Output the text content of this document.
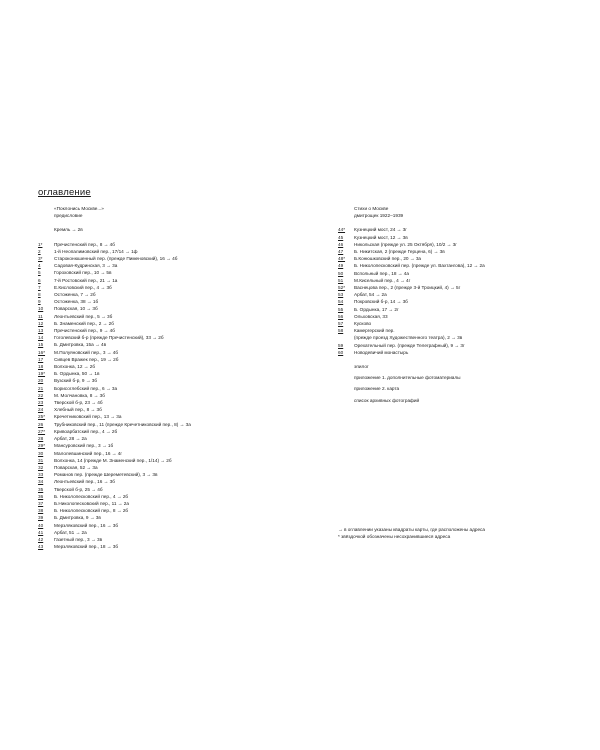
оглавление
«Поклонись Москве...»
предисловие
Кремль → 2в
1*	Пречистенский пер., 8 → 4б
2	1-й Неопалимовский пер., 17/14 → 1ф
3*	Староконюшенный пер. (прежде Пименовский), 16 → 4б
4	Садовая-Кудринская, 3 → 3а
5	Гороховский пер., 10 → 5в
6	7-й Ростовский пер., 21 → 1а
7	Е.Кисловский пер., 4 → 3б
8	Остоженка, 7 → 2б
9	Остоженка, 38 → 1б
10	Поварская, 10 → 3б
11	Леонтьевский пер., 5 → 3б
12	Б. Знаменский пер., 2 → 2б
13	Пречистенский пер., 9 → 4б
14	Гоголевский б-р (прежде Пречистенский), 33 → 2б
15	Б. Дмитровка, 15а → 4в
16*	М.Полуяновский пер., 3 → 4б
17	Сивцев Вражек пер., 19 → 2б
18	Волхонка, 12 → 2б
19*	Б. Ордынка, 50 → 1в
20	Вузский б-р, 9 → 3б
21	Борисоглебский пер., 6 → 3а
22	М. Молчановка, 8 → 3б
23	Тверской б-р, 23 → 4б
24	Хлебный пер., 8 → 3б
25*	Кречетниковский пер., 13 → 3а
26	Трубниковский пер., 11 (прежде Кречетниковский пер., 8) → 3а
27*	Кривоарбатский пер., 4 → 2б
28	Арбат, 28 → 2а
29*	Мансуровский пер., 3 → 1б
30	Малолевшинский пер., 16 → 4г
31	Волхонка, 14 (прежде М. Знаменский пер., 1/14) → 2б
32	Поварская, 52 → 3а
33	Романов пер. (прежде Шереметевский), 3 → 3в
34	Леонтьевский пер., 16 → 3б
35	Тверской б-р, 25 → 4б
36	Б. Николопесковский пер., 4 → 2б
37	Б.Николопесковский пер., 11 → 2а
38	Б. Николопесковский пер., 8 → 2б
39	Б. Дмитровка, 9 → 3в
40	Мерзляковский пер., 16 → 3б
41	Арбат, 51 → 2а
42	Газетный пер., 3 → 3в
43	Мерзляковский пер., 18 → 3б
Стихи о Москве
дмитрощек 1922–1939
44*	Кузнецкий мост, 24 → 3г
45	Кузнецкий мост, 12 → 3в
46	Никольская (прежде ул. 25 Октября), 10/2 → 3г
47	Б. Никитская, 2 (прежде Герцена, 6) → 3в
48*	Б.Конюшковский пер., 20 → 3а
49	Б. Николопесковский пер. (прежде ул. Вахтангова), 12 → 2а
50	Вспольный пер., 18 → 4а
51	М.Кисельный пер., 4 → 4г
52*	Васнецова пер., 2 (прежде 3-й Троицкий, 4) → 5г
53	Арбат, 54 → 2а
54	Покровский б-р, 14 → 3б
55	Б. Ордынка, 17 → 2г
56	Ольховская, 33
57	Кусково
58	Камергерский пер.
(прежде проезд Художественного театра), 2 → 3в
59	Орехательный пер. (прежде Телеграфный), 9 → 3г
60	Новодевичий монастырь
эпилог
приложение 1. дополнительные фотоматериалы
приложение 2. карта
список архивных фотографий
→ в оглавлении указаны квадраты карты, где расположены адреса
* звёздочкой обозначены несохранившиеся адреса
